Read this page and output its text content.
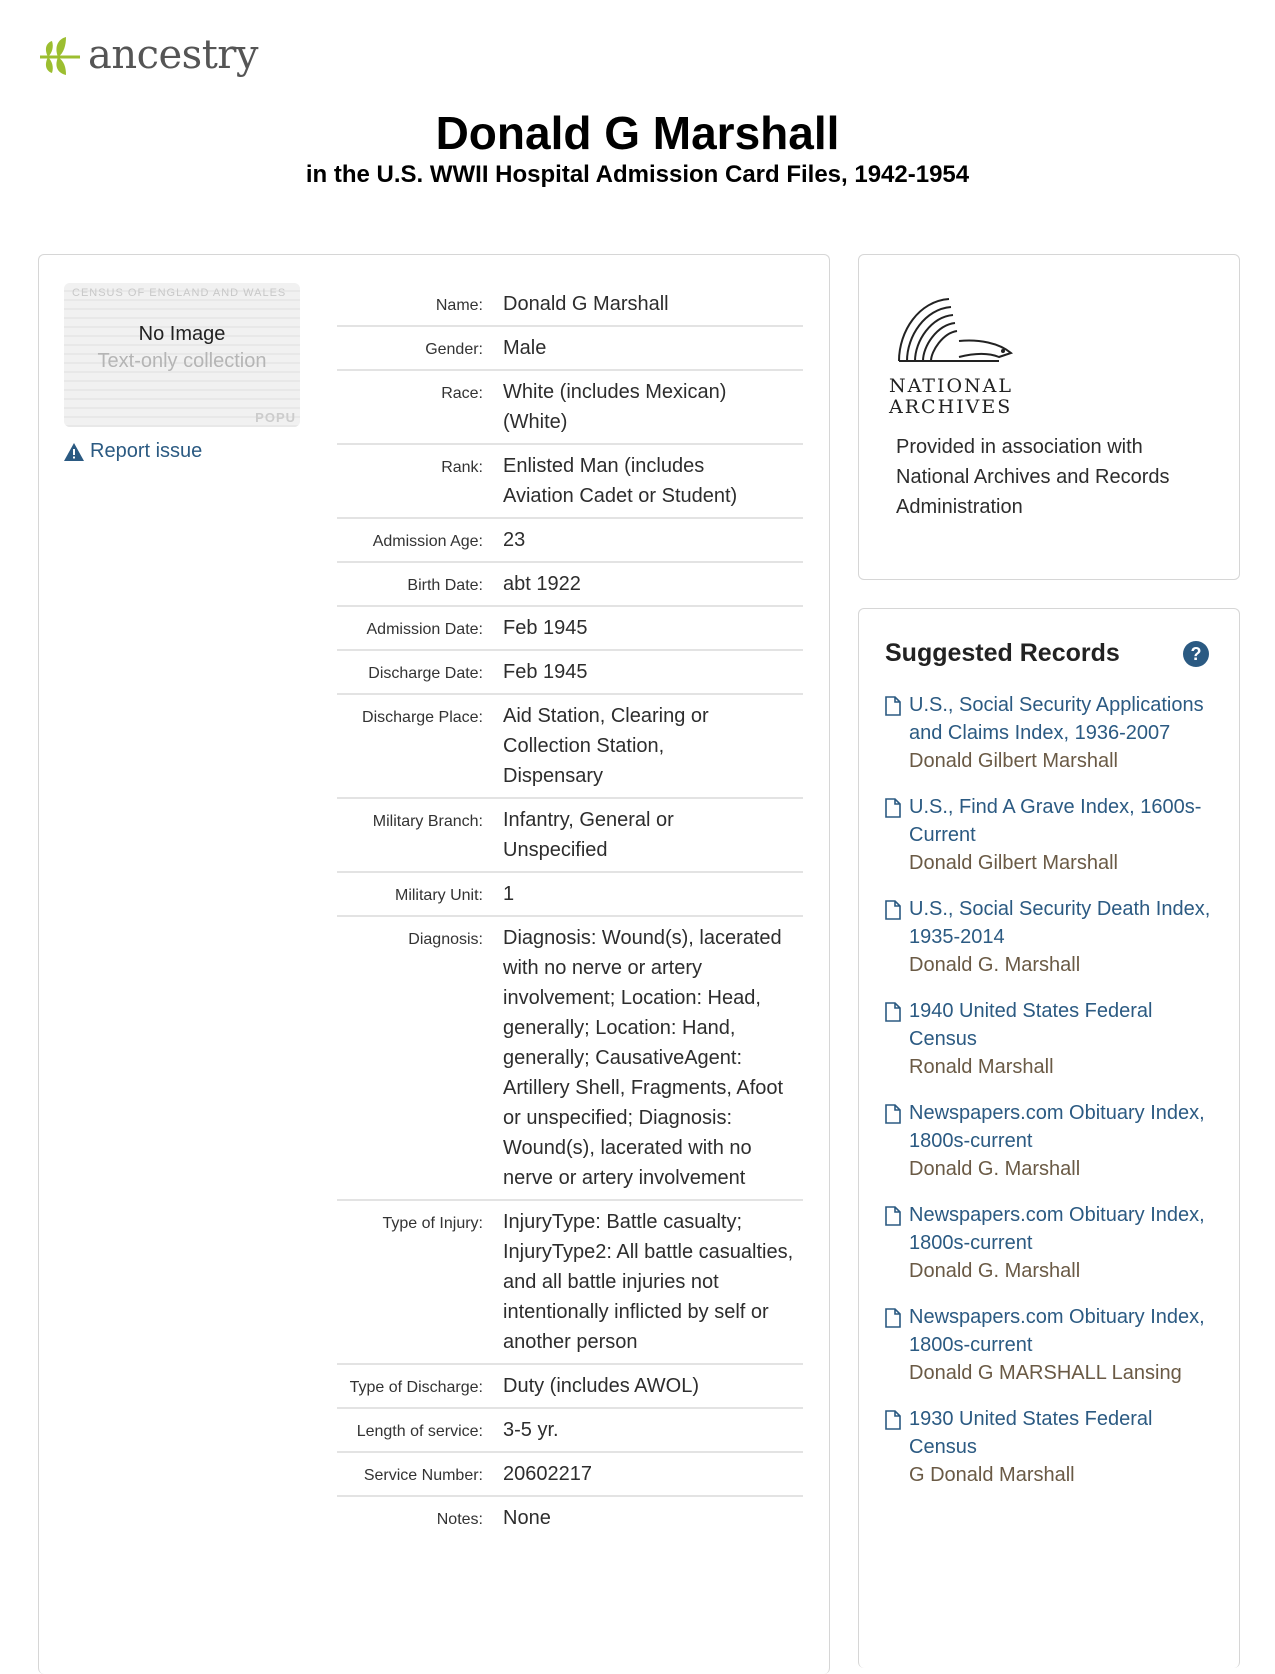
ancestry
Donald G Marshall
in the U.S. WWII Hospital Admission Card Files, 1942-1954
CENSUS OF ENGLAND AND WALES
POPU
No Image
Text-only collection
Report issue
Name:	Donald G Marshall
Gender:	Male
Race:	White (includes Mexican) (White)
Rank:	Enlisted Man (includes Aviation Cadet or Student)
Admission Age:	23
Birth Date:	abt 1922
Admission Date:	Feb 1945
Discharge Date:	Feb 1945
Discharge Place:	Aid Station, Clearing or Collection Station, Dispensary
Military Branch:	Infantry, General or Unspecified
Military Unit:	1
Diagnosis:	Diagnosis: Wound(s), lacerated with no nerve or artery involvement; Location: Head, generally; Location: Hand, generally; CausativeAgent: Artillery Shell, Fragments, Afoot or unspecified; Diagnosis: Wound(s), lacerated with no nerve or artery involvement
Type of Injury:	InjuryType: Battle casualty; InjuryType2: All battle casualties, and all battle injuries not intentionally inflicted by self or another person
Type of Discharge:	Duty (includes AWOL)
Length of service:	3-5 yr.
Service Number:	20602217
Notes:	None
NATIONAL
ARCHIVES
Provided in association with National Archives and Records Administration
Suggested Records	?
U.S., Social Security Applications and Claims Index, 1936-2007
Donald Gilbert Marshall
U.S., Find A Grave Index, 1600s-Current
Donald Gilbert Marshall
U.S., Social Security Death Index, 1935-2014
Donald G. Marshall
1940 United States Federal Census
Ronald Marshall
Newspapers.com Obituary Index, 1800s-current
Donald G. Marshall
Newspapers.com Obituary Index, 1800s-current
Donald G. Marshall
Newspapers.com Obituary Index, 1800s-current
Donald G MARSHALL Lansing
1930 United States Federal Census
G Donald Marshall
